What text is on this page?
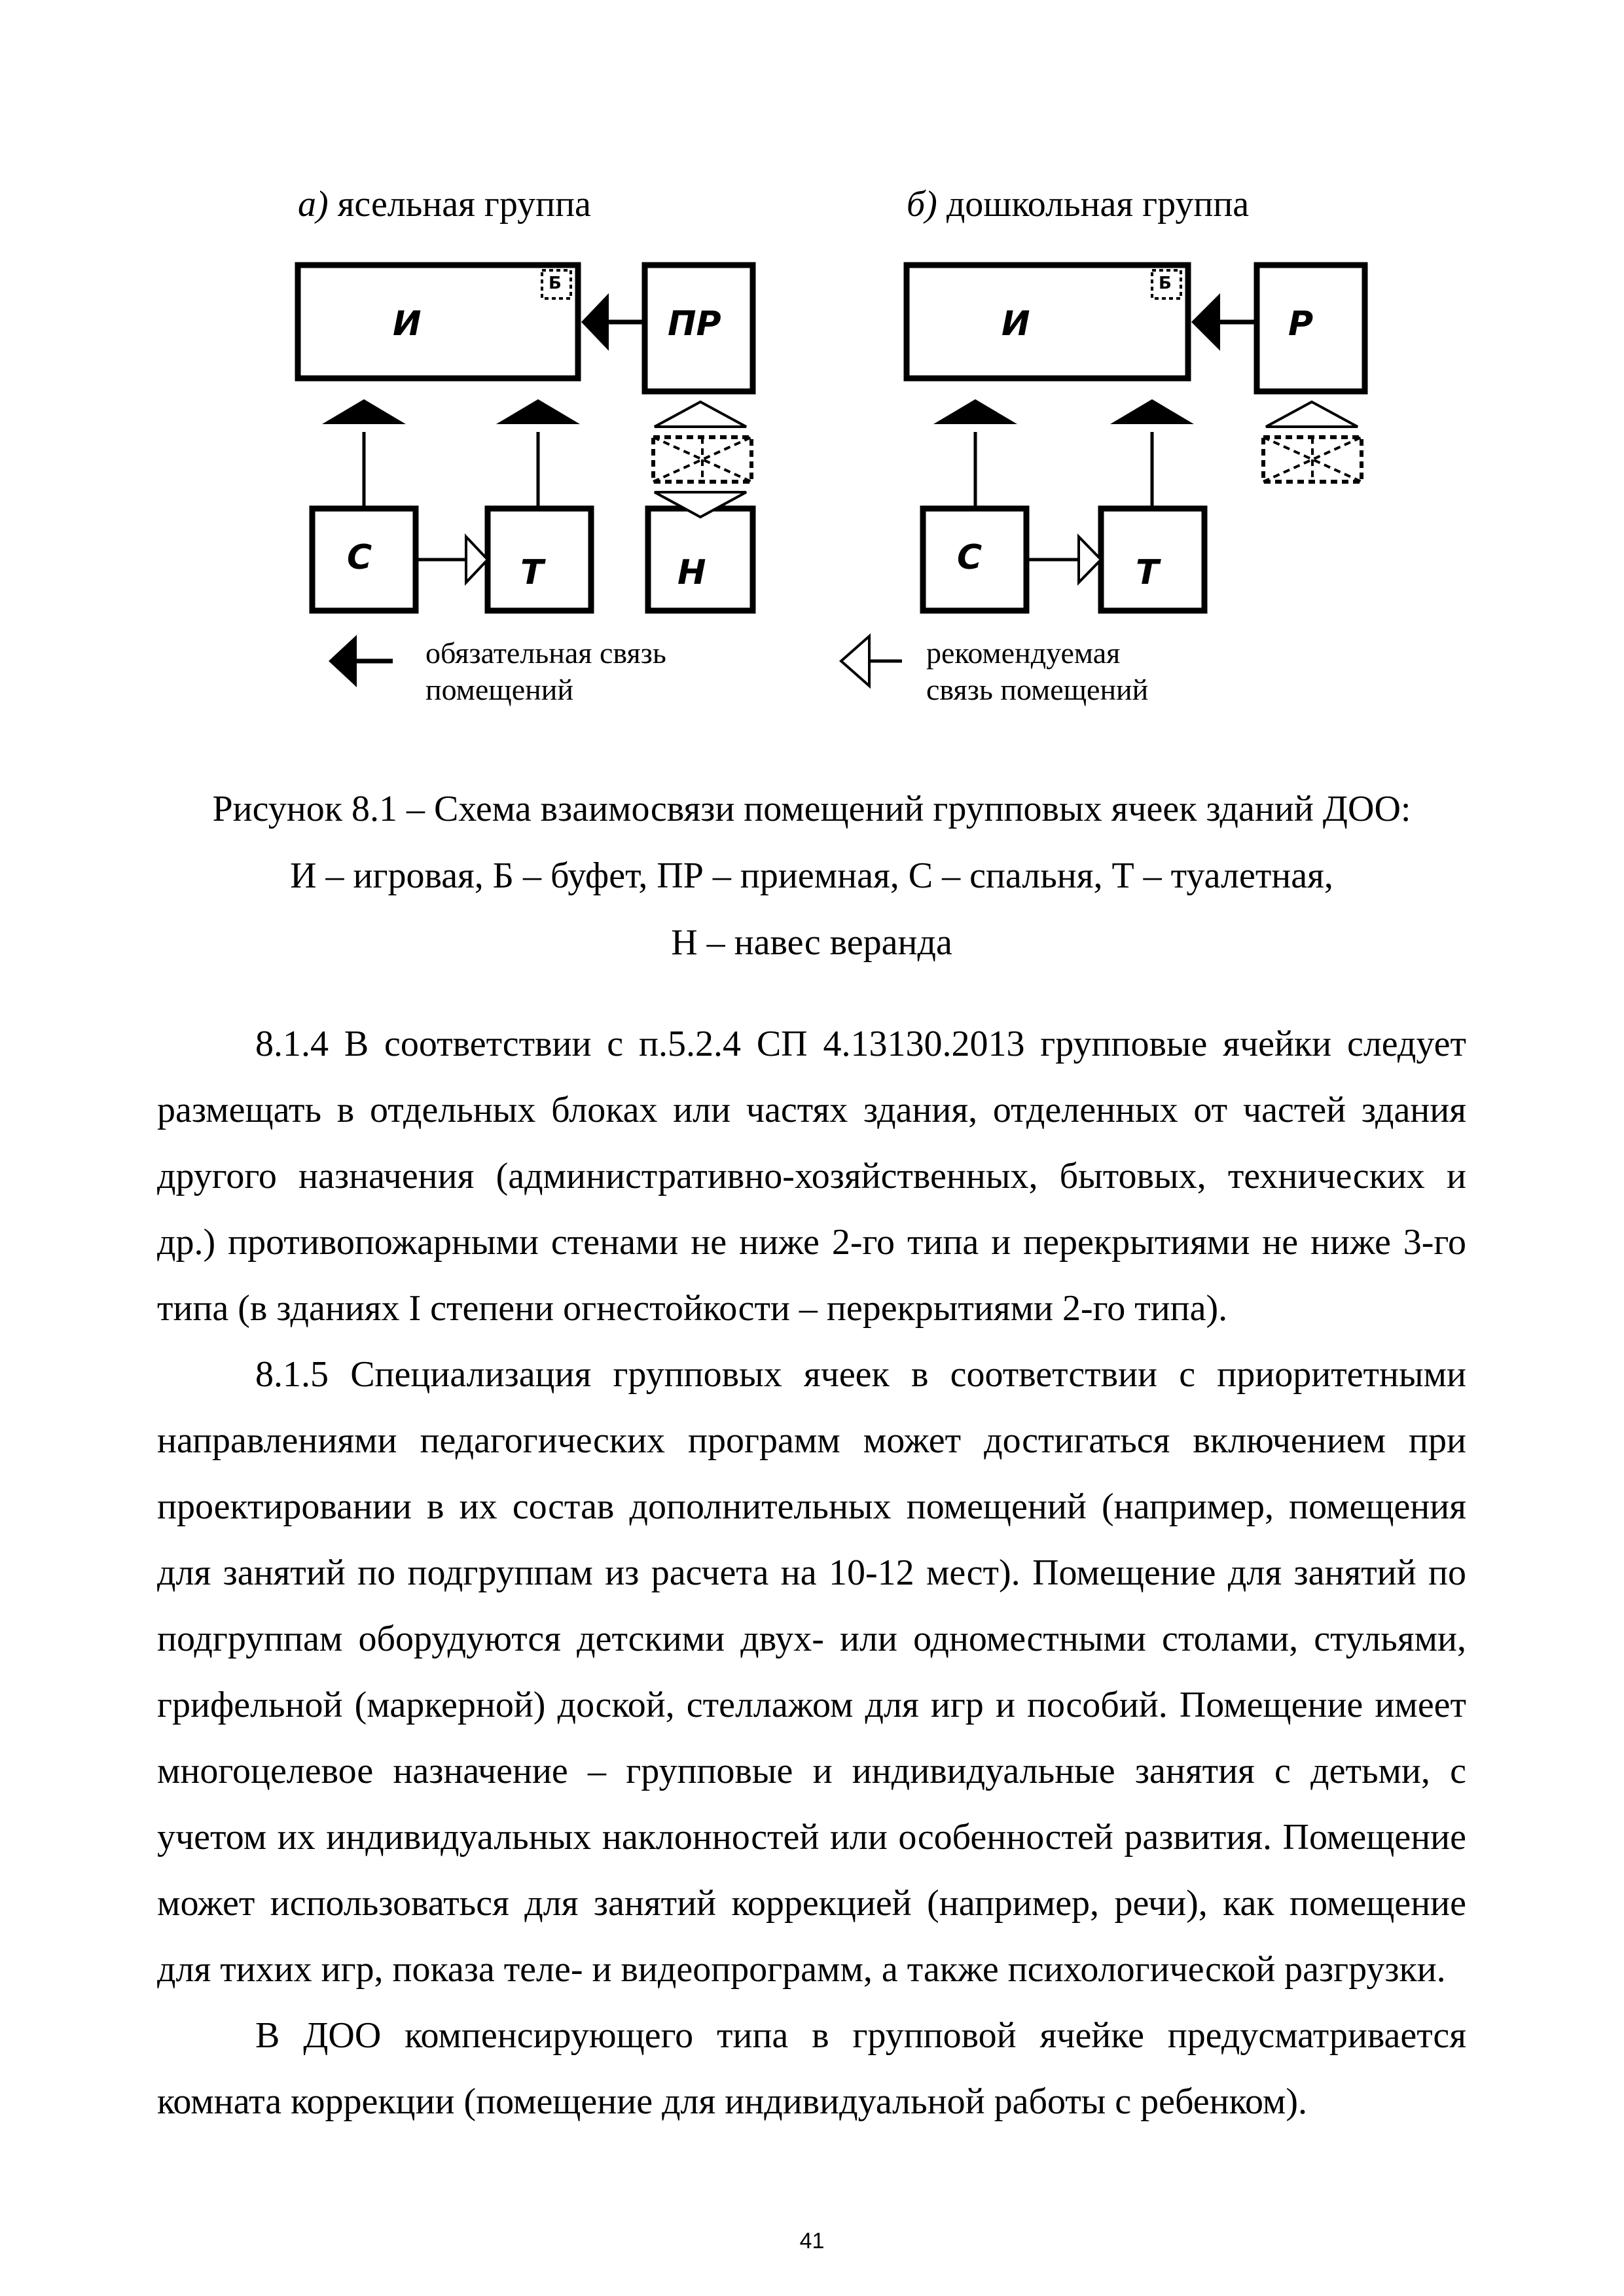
а) ясельная группа	б) дошкольная группа
И
Б
ПР
С	Т	Н
И
Б
Р
С	Т
обязательная связь
помещений
рекомендуемая
связь помещений
Рисунок 8.1 – Схема взаимосвязи помещений групповых ячеек зданий ДОО:
И – игровая, Б – буфет, ПР – приемная, С – спальня, Т – туалетная,
Н – навес веранда

8.1.4 В соответствии с п.5.2.4 СП 4.13130.2013 групповые ячейки следует размещать в отдельных блоках или частях здания, отделенных от частей здания другого назначения (административно-хозяйственных, бытовых, технических и др.) противопожарными стенами не ниже 2-го типа и перекрытиями не ниже 3-го типа (в зданиях I степени огнестойкости – перекрытиями 2-го типа).

8.1.5 Специализация групповых ячеек в соответствии с приоритетными направлениями педагогических программ может достигаться включением при проектировании в их состав дополнительных помещений (например, помещения для занятий по подгруппам из расчета на 10-12 мест). Помещение для занятий по подгруппам оборудуются детскими двух- или одноместными столами, стульями, грифельной (маркерной) доской, стеллажом для игр и пособий. Помещение имеет многоцелевое назначение – групповые и индивидуальные занятия с детьми, с учетом их индивидуальных наклонностей или особенностей развития. Помещение может использоваться для занятий коррекцией (например, речи), как помещение для тихих игр, показа теле- и видеопрограмм, а также психологической разгрузки.

В ДОО компенсирующего типа в групповой ячейке предусматривается комната коррекции (помещение для индивидуальной работы с ребенком).

41
